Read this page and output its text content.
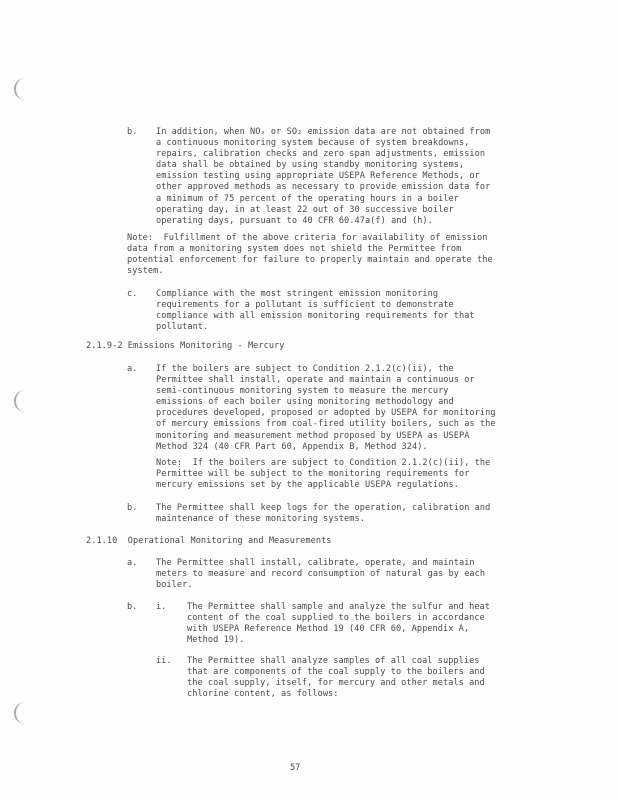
b. In addition, when NOₓ or SO₂ emission data are not obtained from
a continuous monitoring system because of system breakdowns,
repairs, calibration checks and zero span adjustments, emission
data shall be obtained by using standby monitoring systems,
emission testing using appropriate USEPA Reference Methods, or
other approved methods as necessary to provide emission data for
a minimum of 75 percent of the operating hours in a boiler
operating day, in at least 22 out of 30 successive boiler
operating days, pursuant to 40 CFR 60.47a(f) and (h).
Note:  Fulfillment of the above criteria for availability of emission
data from a monitoring system does not shield the Permittee from
potential enforcement for failure to properly maintain and operate the
system.
c. Compliance with the most stringent emission monitoring
requirements for a pollutant is sufficient to demonstrate
compliance with all emission monitoring requirements for that
pollutant.
2.1.9-2 Emissions Monitoring - Mercury
a. If the boilers are subject to Condition 2.1.2(c)(ii), the
Permittee shall install, operate and maintain a continuous or
semi-continuous monitoring system to measure the mercury
emissions of each boiler using monitoring methodology and
procedures developed, proposed or adopted by USEPA for monitoring
of mercury emissions from coal-fired utility boilers, such as the
monitoring and measurement method proposed by USEPA as USEPA
Method 324 (40 CFR Part 60, Appendix B, Method 324).
Note:  If the boilers are subject to Condition 2.1.2(c)(ii), the
Permittee will be subject to the monitoring requirements for
mercury emissions set by the applicable USEPA regulations.
b. The Permittee shall keep logs for the operation, calibration and
maintenance of these monitoring systems.
2.1.10  Operational Monitoring and Measurements
a. The Permittee shall install, calibrate, operate, and maintain
meters to measure and record consumption of natural gas by each
boiler.
b. i. The Permittee shall sample and analyze the sulfur and heat
content of the coal supplied to the boilers in accordance
with USEPA Reference Method 19 (40 CFR 60, Appendix A,
Method 19).
ii. The Permittee shall analyze samples of all coal supplies
that are components of the coal supply to the boilers and
the coal supply, itself, for mercury and other metals and
chlorine content, as follows:
57
